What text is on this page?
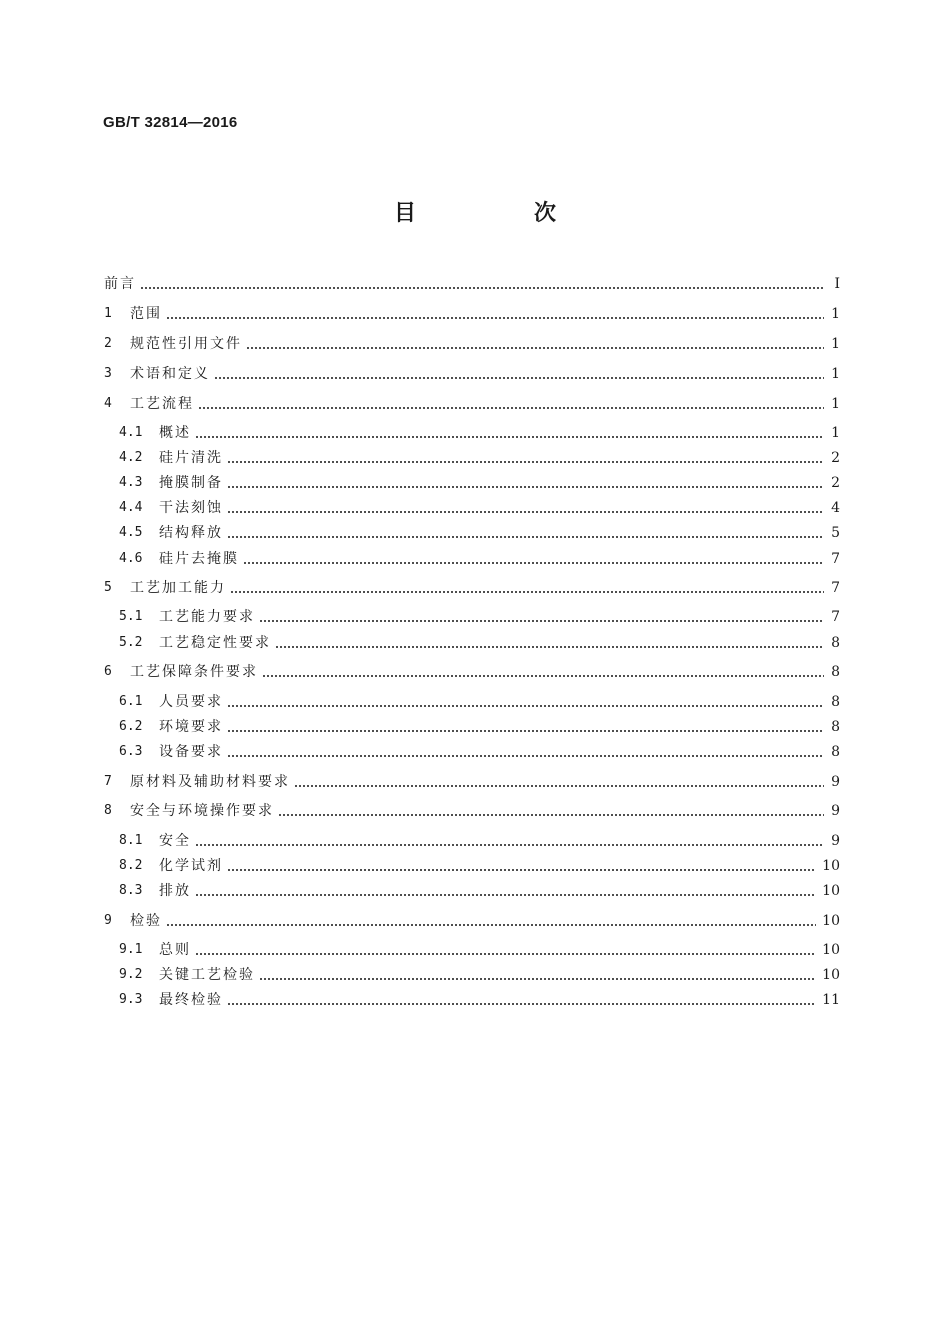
GB/T 32814—2016
目　次
前言	Ⅰ
1	范围	1
2	规范性引用文件	1
3	术语和定义	1
4	工艺流程	1
4.1	概述	1
4.2	硅片清洗	2
4.3	掩膜制备	2
4.4	干法刻蚀	4
4.5	结构释放	5
4.6	硅片去掩膜	7
5	工艺加工能力	7
5.1	工艺能力要求	7
5.2	工艺稳定性要求	8
6	工艺保障条件要求	8
6.1	人员要求	8
6.2	环境要求	8
6.3	设备要求	8
7	原材料及辅助材料要求	9
8	安全与环境操作要求	9
8.1	安全	9
8.2	化学试剂	10
8.3	排放	10
9	检验	10
9.1	总则	10
9.2	关键工艺检验	10
9.3	最终检验	11
